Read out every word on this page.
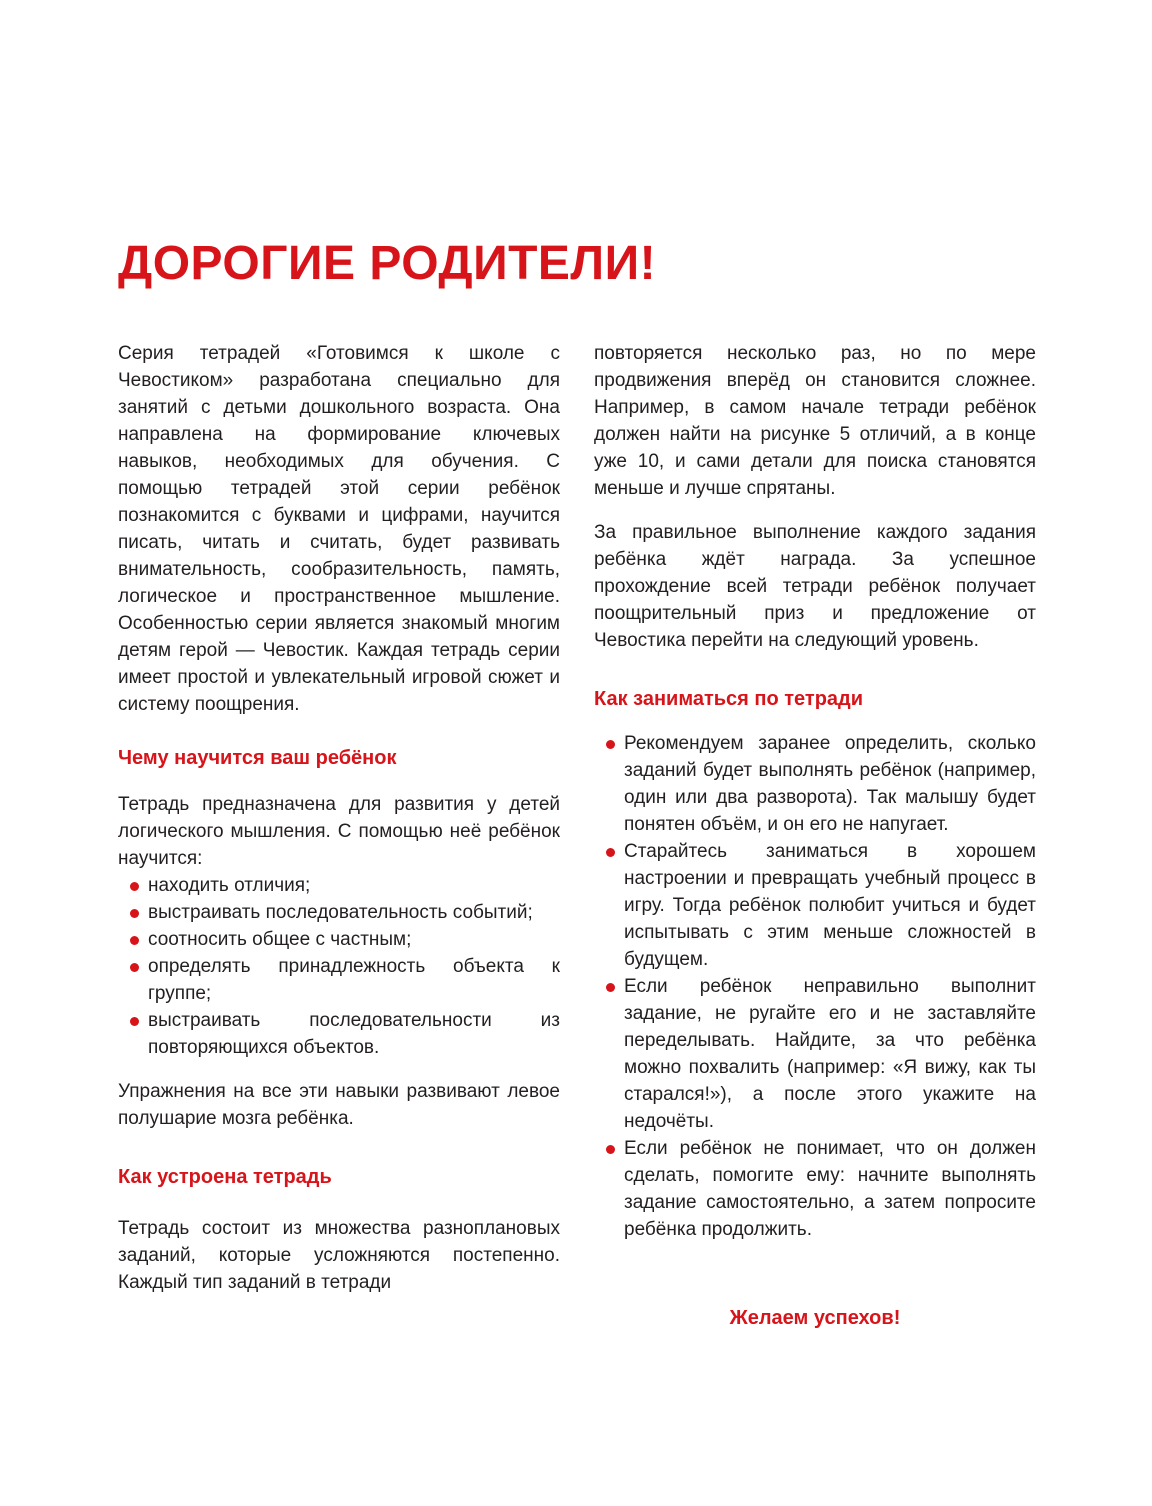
ДОРОГИЕ РОДИТЕЛИ!

Серия тетрадей «Готовимся к школе с Чевостиком» разработана специально для занятий с детьми дошкольного возраста. Она направлена на формирование ключевых навыков, необходимых для обучения. С помощью тетрадей этой серии ребёнок познакомится с буквами и цифрами, научится писать, читать и считать, будет развивать внимательность, сообразительность, память, логическое и пространственное мышление. Особенностью серии является знакомый многим детям герой — Чевостик. Каждая тетрадь серии имеет простой и увлекательный игровой сюжет и систему поощрения.

Чему научится ваш ребёнок

Тетрадь предназначена для развития у детей логического мышления. С помощью неё ребёнок научится:

находить отличия;
выстраивать последовательность событий;
соотносить общее с частным;
определять принадлежность объекта к группе;
выстраивать последовательности из повторяющихся объектов.

Упражнения на все эти навыки развивают левое полушарие мозга ребёнка.

Как устроена тетрадь

Тетрадь состоит из множества разноплановых заданий, которые усложняются постепенно. Каждый тип заданий в тетради

повторяется несколько раз, но по мере продвижения вперёд он становится сложнее. Например, в самом начале тетради ребёнок должен найти на рисунке 5 отличий, а в конце уже 10, и сами детали для поиска становятся меньше и лучше спрятаны.

За правильное выполнение каждого задания ребёнка ждёт награда. За успешное прохождение всей тетради ребёнок получает поощрительный приз и предложение от Чевостика перейти на следующий уровень.

Как заниматься по тетради
Рекомендуем заранее определить, сколько заданий будет выполнять ребёнок (например, один или два разворота). Так малышу будет понятен объём, и он его не напугает.
Старайтесь заниматься в хорошем настроении и превращать учебный процесс в игру. Тогда ребёнок полюбит учиться и будет испытывать с этим меньше сложностей в будущем.
Если ребёнок неправильно выполнит задание, не ругайте его и не заставляйте переделывать. Найдите, за что ребёнка можно похвалить (например: «Я вижу, как ты старался!»), а после этого укажите на недочёты.
Если ребёнок не понимает, что он должен сделать, помогите ему: начните выполнять задание самостоятельно, а затем попросите ребёнка продолжить.
Желаем успехов!
